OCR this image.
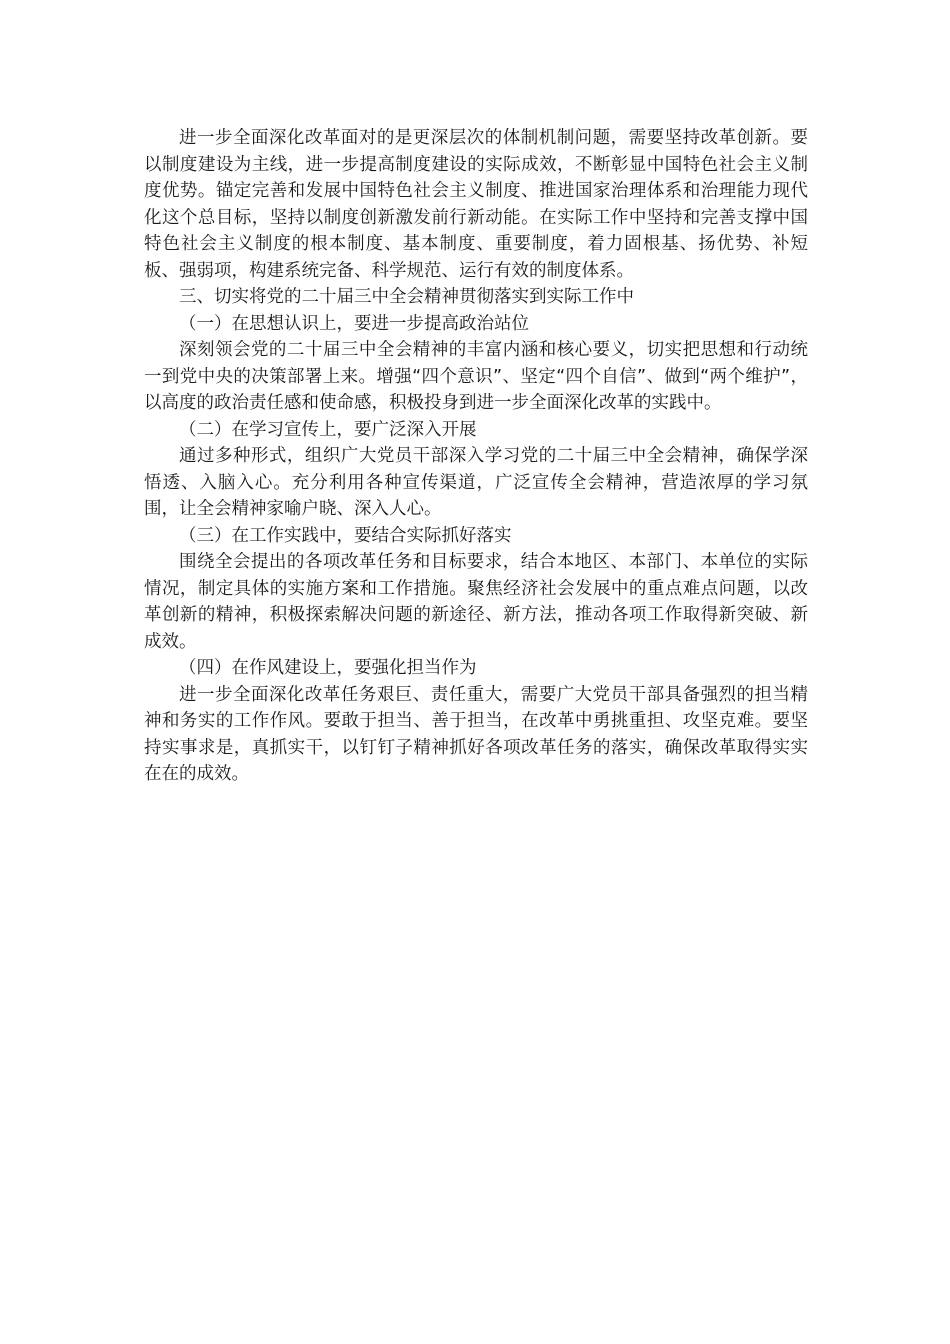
进一步全面深化改革面对的是更深层次的体制机制问题，需要坚持改革创新。要以制度建设为主线，进一步提高制度建设的实际成效，不断彰显中国特色社会主义制度优势。锚定完善和发展中国特色社会主义制度、推进国家治理体系和治理能力现代化这个总目标，坚持以制度创新激发前行新动能。在实际工作中坚持和完善支撑中国特色社会主义制度的根本制度、基本制度、重要制度，着力固根基、扬优势、补短板、强弱项，构建系统完备、科学规范、运行有效的制度体系。

三、切实将党的二十届三中全会精神贯彻落实到实际工作中

（一）在思想认识上，要进一步提高政治站位

深刻领会党的二十届三中全会精神的丰富内涵和核心要义，切实把思想和行动统一到党中央的决策部署上来。增强“四个意识”、坚定“四个自信”、做到“两个维护”，以高度的政治责任感和使命感，积极投身到进一步全面深化改革的实践中。

（二）在学习宣传上，要广泛深入开展

通过多种形式，组织广大党员干部深入学习党的二十届三中全会精神，确保学深悟透、入脑入心。充分利用各种宣传渠道，广泛宣传全会精神，营造浓厚的学习氛围，让全会精神家喻户晓、深入人心。

（三）在工作实践中，要结合实际抓好落实

围绕全会提出的各项改革任务和目标要求，结合本地区、本部门、本单位的实际情况，制定具体的实施方案和工作措施。聚焦经济社会发展中的重点难点问题，以改革创新的精神，积极探索解决问题的新途径、新方法，推动各项工作取得新突破、新成效。

（四）在作风建设上，要强化担当作为

进一步全面深化改革任务艰巨、责任重大，需要广大党员干部具备强烈的担当精神和务实的工作作风。要敢于担当、善于担当，在改革中勇挑重担、攻坚克难。要坚持实事求是，真抓实干，以钉钉子精神抓好各项改革任务的落实，确保改革取得实实在在的成效。
